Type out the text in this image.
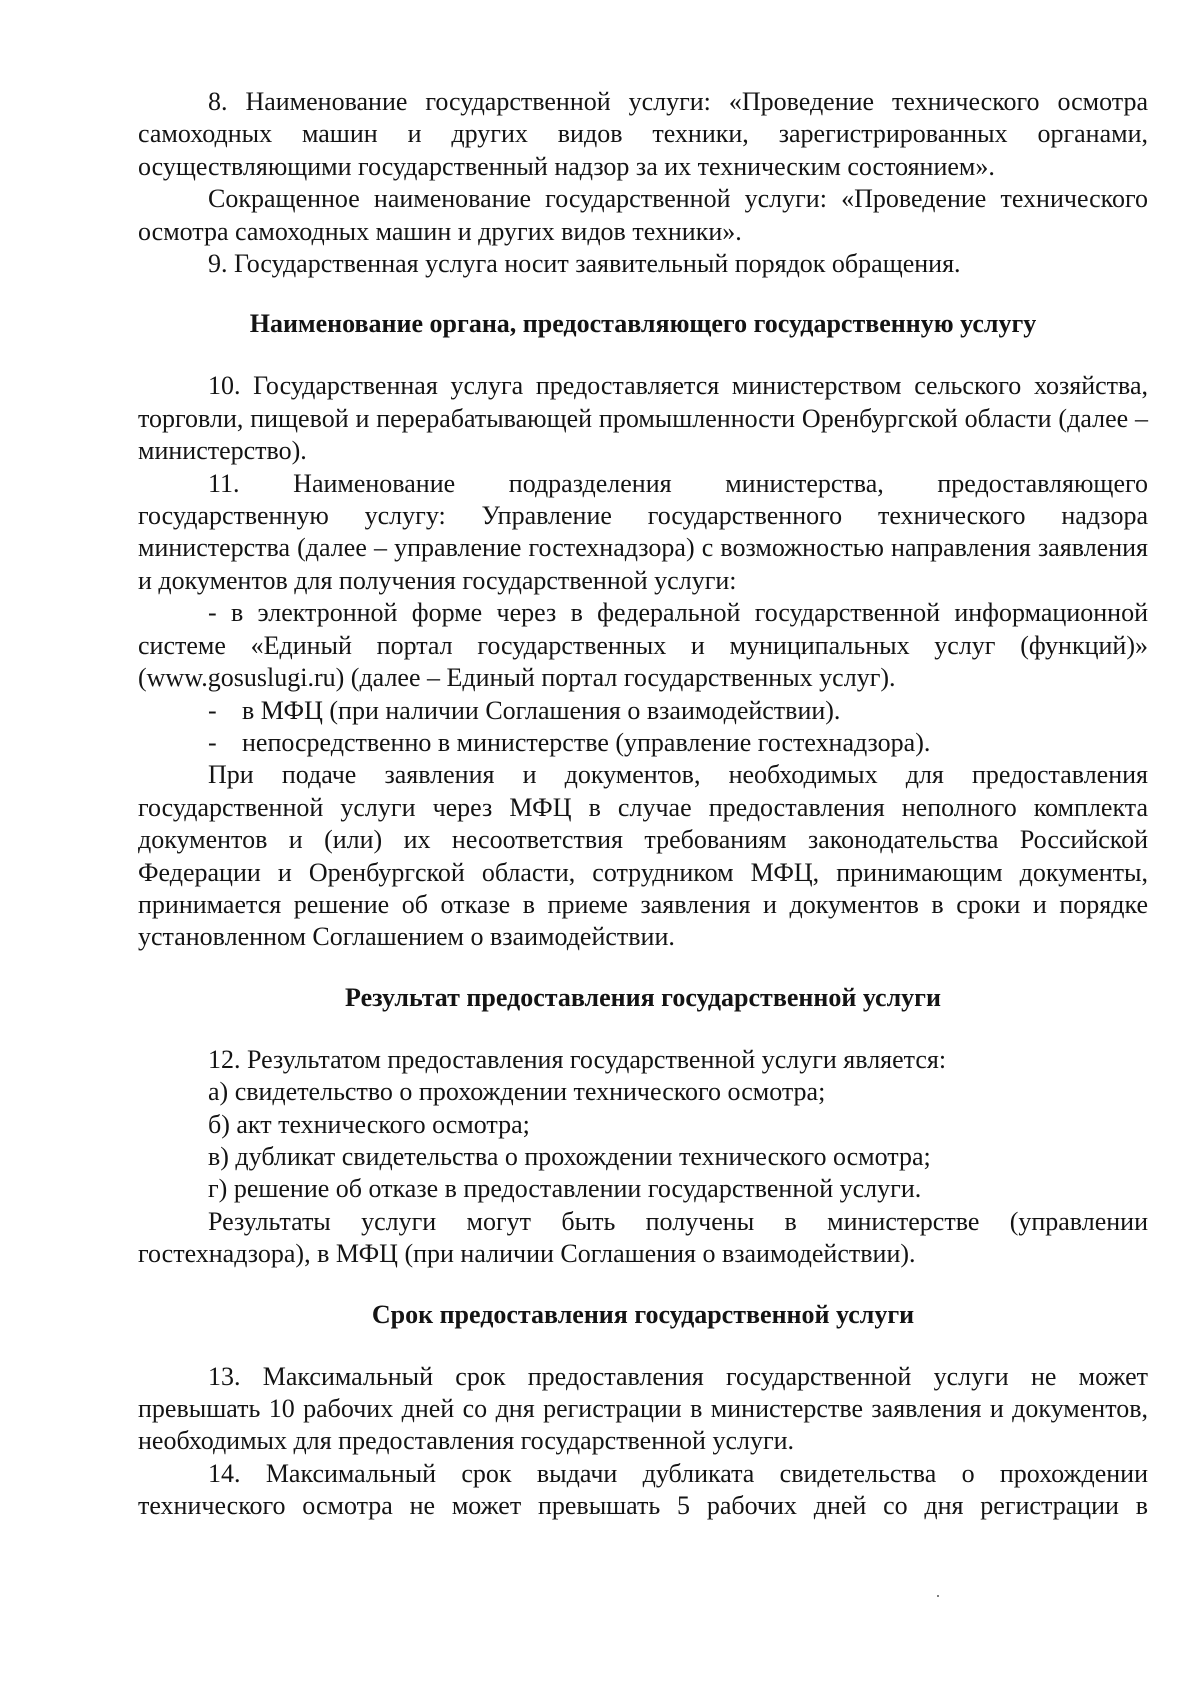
8. Наименование государственной услуги: «Проведение технического осмотра самоходных машин и других видов техники, зарегистрированных органами, осуществляющими государственный надзор за их техническим состоянием».

Сокращенное наименование государственной услуги: «Проведение технического осмотра самоходных машин и других видов техники».

9. Государственная услуга носит заявительный порядок обращения.

Наименование органа, предоставляющего государственную услугу

10. Государственная услуга предоставляется министерством сельского хозяйства, торговли, пищевой и перерабатывающей промышленности Оренбургской области (далее – министерство).

11. Наименование подразделения министерства, предоставляющего государственную услугу: Управление государственного технического надзора министерства (далее – управление гостехнадзора) с возможностью направления заявления и документов для получения государственной услуги:

- в электронной форме через в федеральной государственной информационной системе «Единый портал государственных и муниципальных услуг (функций)» (www.gosuslugi.ru) (далее – Единый портал государственных услуг).

- в МФЦ (при наличии Соглашения о взаимодействии).
- непосредственно в министерстве (управление гостехнадзора).

При подаче заявления и документов, необходимых для предоставления государственной услуги через МФЦ в случае предоставления неполного комплекта документов и (или) их несоответствия требованиям законодательства Российской Федерации и Оренбургской области, сотрудником МФЦ, принимающим документы, принимается решение об отказе в приеме заявления и документов в сроки и порядке установленном Соглашением о взаимодействии.

Результат предоставления государственной услуги

12. Результатом предоставления государственной услуги является:

а) свидетельство о прохождении технического осмотра;

б) акт технического осмотра;

в) дубликат свидетельства о прохождении технического осмотра;

г) решение об отказе в предоставлении государственной услуги.

Результаты услуги могут быть получены в министерстве (управлении гостехнадзора), в МФЦ (при наличии Соглашения о взаимодействии).

Срок предоставления государственной услуги

13. Максимальный срок предоставления государственной услуги не может превышать 10 рабочих дней со дня регистрации в министерстве заявления и документов, необходимых для предоставления государственной услуги.

14. Максимальный срок выдачи дубликата свидетельства о прохождении технического осмотра не может превышать 5 рабочих дней со дня регистрации в
